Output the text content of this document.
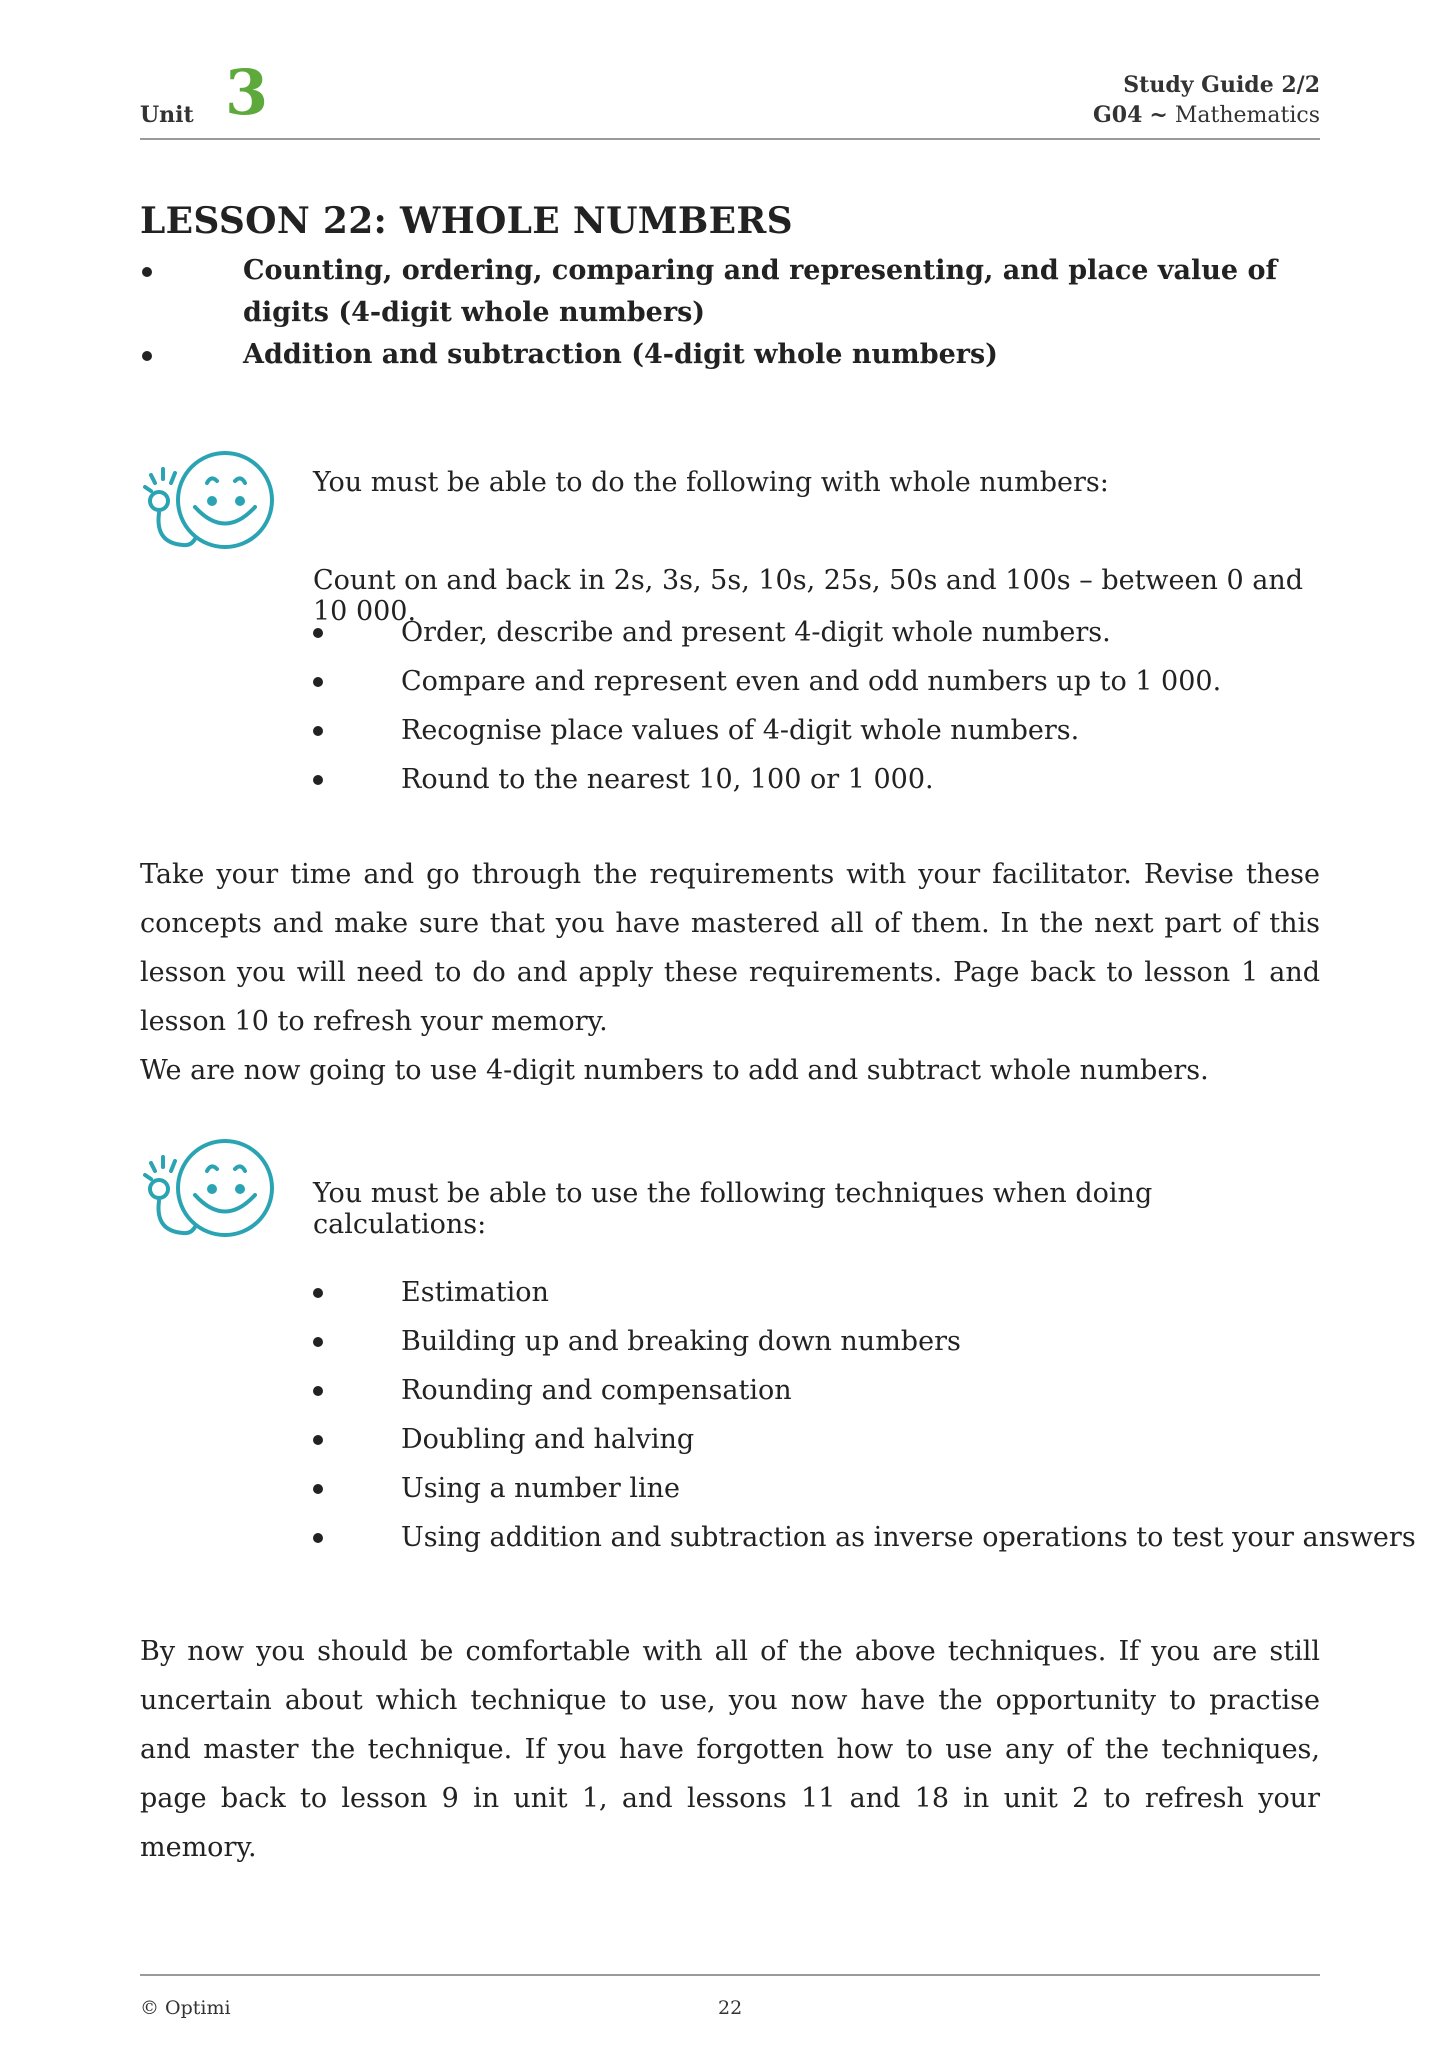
Unit 3	Study Guide 2/2
G04 ~ Mathematics
LESSON 22: WHOLE NUMBERS
Counting, ordering, comparing and representing, and place value of digits (4-digit whole numbers)
Addition and subtraction (4-digit whole numbers)
You must be able to do the following with whole numbers:
Count on and back in 2s, 3s, 5s, 10s, 25s, 50s and 100s – between 0 and 10 000.
Order, describe and present 4-digit whole numbers.
Compare and represent even and odd numbers up to 1 000.
Recognise place values of 4-digit whole numbers.
Round to the nearest 10, 100 or 1 000.

Take your time and go through the requirements with your facilitator. Revise these concepts and make sure that you have mastered all of them. In the next part of this lesson you will need to do and apply these requirements. Page back to lesson 1 and lesson 10 to refresh your memory.

We are now going to use 4-digit numbers to add and subtract whole numbers.

You must be able to use the following techniques when doing calculations:
Estimation
Building up and breaking down numbers
Rounding and compensation
Doubling and halving
Using a number line
Using addition and subtraction as inverse operations to test your answers

By now you should be comfortable with all of the above techniques. If you are still uncertain about which technique to use, you now have the opportunity to practise and master the technique. If you have forgotten how to use any of the techniques, page back to lesson 9 in unit 1, and lessons 11 and 18 in unit 2 to refresh your memory.

© Optimi	22
